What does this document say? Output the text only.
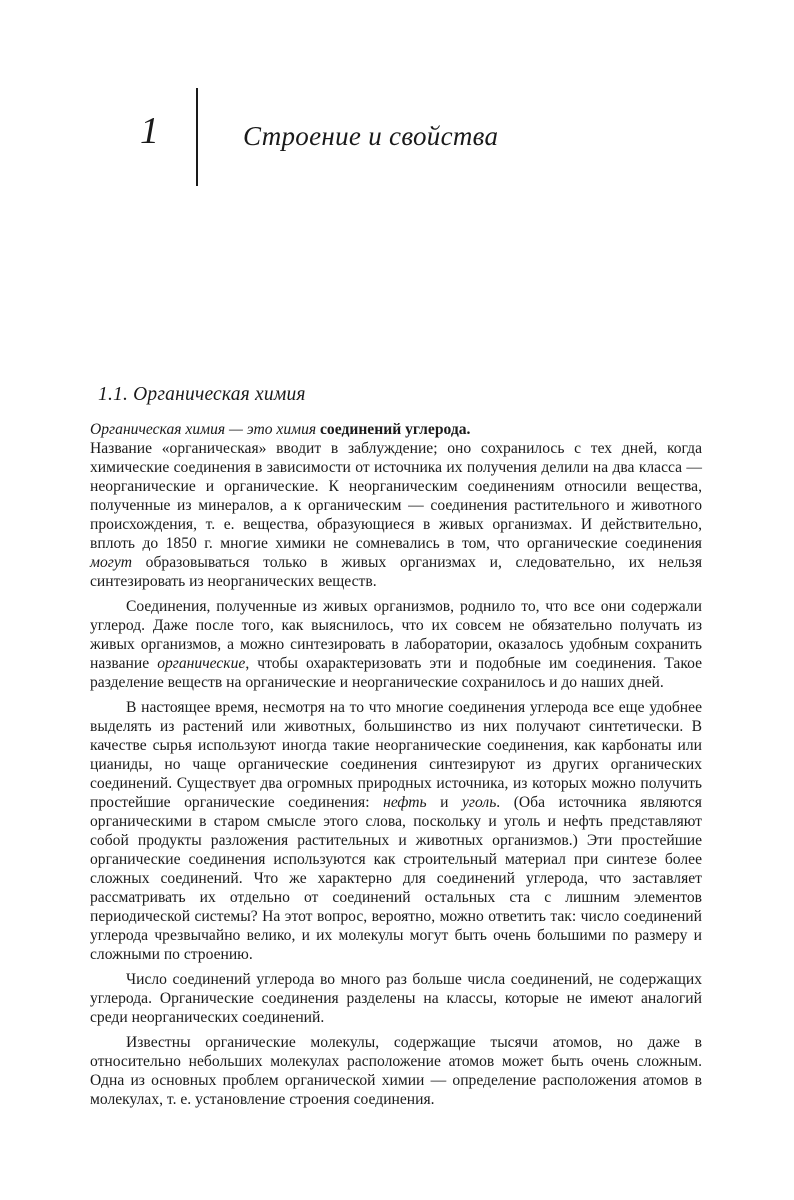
1	Строение и свойства
1.1. Органическая химия

Органическая химия — это химия соединений углерода.
Название «органическая» вводит в заблуждение; оно сохранилось с тех дней, когда химические соединения в зависимости от источника их получения делили на два класса — неорганические и органические. К неорганическим соединениям относили вещества, полученные из минералов, а к органическим — соединения растительного и животного происхождения, т. е. вещества, образующиеся в живых организмах. И действительно, вплоть до 1850 г. многие химики не сомневались в том, что органические соединения могут образовываться только в живых организмах и, следовательно, их нельзя синтезировать из неорганических веществ.

Соединения, полученные из живых организмов, роднило то, что все они содержали углерод. Даже после того, как выяснилось, что их совсем не обязательно получать из живых организмов, а можно синтезировать в лаборатории, оказалось удобным сохранить название органические, чтобы охарактеризовать эти и подобные им соединения. Такое разделение веществ на органические и неорганические сохранилось и до наших дней.

В настоящее время, несмотря на то что многие соединения углерода все еще удобнее выделять из растений или животных, большинство из них получают синтетически. В качестве сырья используют иногда такие неорганические соединения, как карбонаты или цианиды, но чаще органические соединения синтезируют из других органических соединений. Существует два огромных природных источника, из которых можно получить простейшие органические соединения: нефть и уголь. (Оба источника являются органическими в старом смысле этого слова, поскольку и уголь и нефть представляют собой продукты разложения растительных и животных организмов.) Эти простейшие органические соединения используются как строительный материал при синтезе более сложных соединений. Что же характерно для соединений углерода, что заставляет рассматривать их отдельно от соединений остальных ста с лишним элементов периодической системы? На этот вопрос, вероятно, можно ответить так: число соединений углерода чрезвычайно велико, и их молекулы могут быть очень большими по размеру и сложными по строению.

Число соединений углерода во много раз больше числа соединений, не содержащих углерода. Органические соединения разделены на классы, которые не имеют аналогий среди неорганических соединений.

Известны органические молекулы, содержащие тысячи атомов, но даже в относительно небольших молекулах расположение атомов может быть очень сложным. Одна из основных проблем органической химии — определение расположения атомов в молекулах, т. е. установление строения соединения.
